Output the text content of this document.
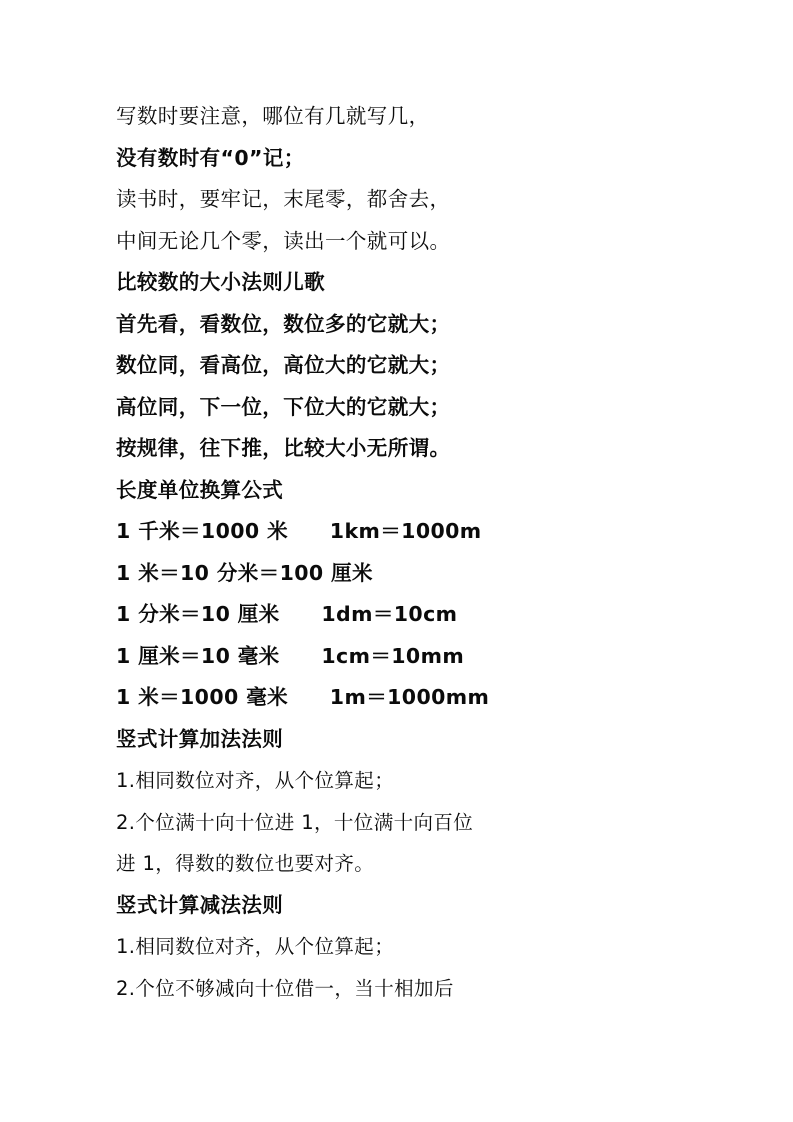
写数时要注意，哪位有几就写几，
没有数时有“0”记；
读书时，要牢记，末尾零，都舍去，
中间无论几个零，读出一个就可以。
比较数的大小法则儿歌
首先看，看数位，数位多的它就大；
数位同，看高位，高位大的它就大；
高位同，下一位，下位大的它就大；
按规律，往下推，比较大小无所谓。
长度单位换算公式
1 千米＝1000 米　　1km＝1000m
1 米＝10 分米＝100 厘米
1 分米＝10 厘米　　1dm＝10cm
1 厘米＝10 毫米　　1cm＝10mm
1 米＝1000 毫米　　1m＝1000mm
竖式计算加法法则
1.相同数位对齐，从个位算起；
2.个位满十向十位进 1，十位满十向百位
进 1，得数的数位也要对齐。
竖式计算减法法则
1.相同数位对齐，从个位算起；
2.个位不够减向十位借一，当十相加后
